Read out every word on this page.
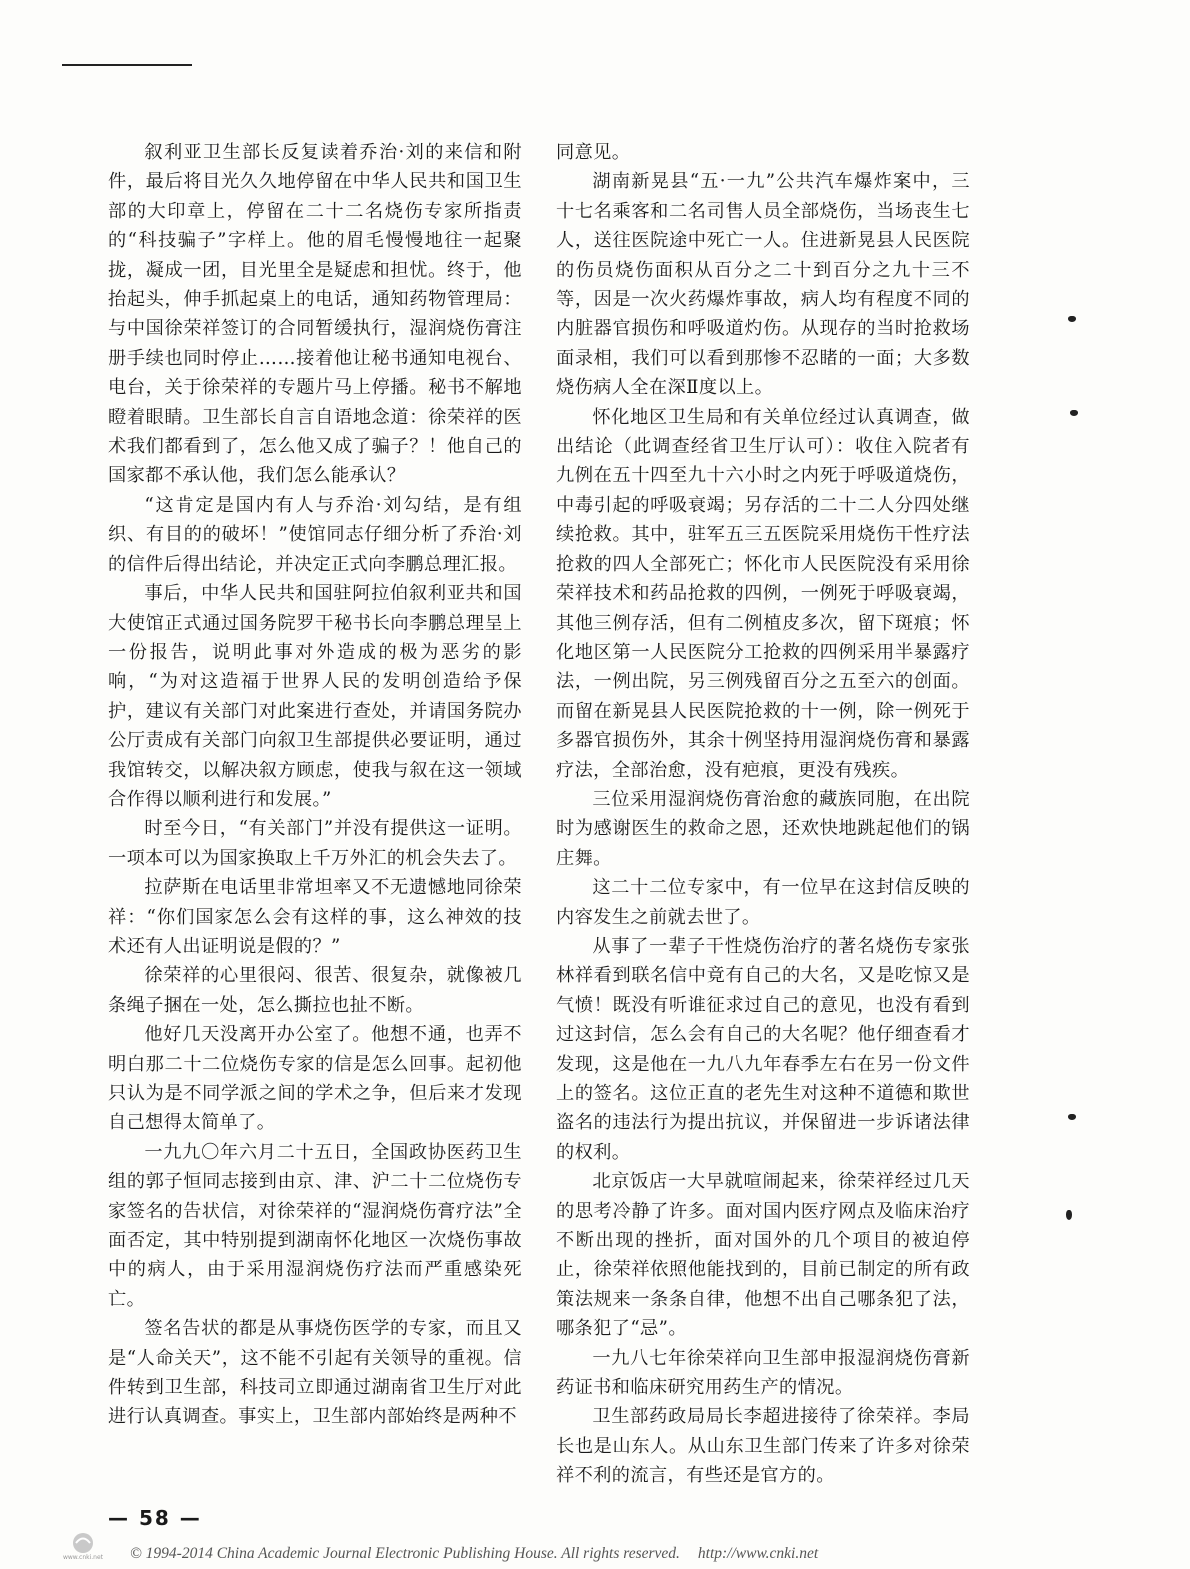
叙利亚卫生部长反复读着乔治·刘的来信和附件，最后将目光久久地停留在中华人民共和国卫生部的大印章上，停留在二十二名烧伤专家所指责的“科技骗子”字样上。他的眉毛慢慢地往一起聚拢，凝成一团，目光里全是疑虑和担忧。终于，他抬起头，伸手抓起桌上的电话，通知药物管理局：与中国徐荣祥签订的合同暂缓执行，湿润烧伤膏注册手续也同时停止……接着他让秘书通知电视台、电台，关于徐荣祥的专题片马上停播。秘书不解地瞪着眼睛。卫生部长自言自语地念道：徐荣祥的医术我们都看到了，怎么他又成了骗子？！他自己的国家都不承认他，我们怎么能承认？

“这肯定是国内有人与乔治·刘勾结，是有组织、有目的的破坏！”使馆同志仔细分析了乔治·刘的信件后得出结论，并决定正式向李鹏总理汇报。

事后，中华人民共和国驻阿拉伯叙利亚共和国大使馆正式通过国务院罗干秘书长向李鹏总理呈上一份报告，说明此事对外造成的极为恶劣的影响，“为对这造福于世界人民的发明创造给予保护，建议有关部门对此案进行查处，并请国务院办公厅责成有关部门向叙卫生部提供必要证明，通过我馆转交，以解决叙方顾虑，使我与叙在这一领域合作得以顺利进行和发展。”

时至今日，“有关部门”并没有提供这一证明。一项本可以为国家换取上千万外汇的机会失去了。

拉萨斯在电话里非常坦率又不无遗憾地同徐荣祥：“你们国家怎么会有这样的事，这么神效的技术还有人出证明说是假的？”

徐荣祥的心里很闷、很苦、很复杂，就像被几条绳子捆在一处，怎么撕拉也扯不断。

他好几天没离开办公室了。他想不通，也弄不明白那二十二位烧伤专家的信是怎么回事。起初他只认为是不同学派之间的学术之争，但后来才发现自己想得太简单了。

一九九〇年六月二十五日，全国政协医药卫生组的郭子恒同志接到由京、津、沪二十二位烧伤专家签名的告状信，对徐荣祥的“湿润烧伤膏疗法”全面否定，其中特别提到湖南怀化地区一次烧伤事故中的病人，由于采用湿润烧伤疗法而严重感染死亡。

签名告状的都是从事烧伤医学的专家，而且又是“人命关天”，这不能不引起有关领导的重视。信件转到卫生部，科技司立即通过湖南省卫生厅对此进行认真调查。事实上，卫生部内部始终是两种不

同意见。

湖南新晃县“五·一九”公共汽车爆炸案中，三十七名乘客和二名司售人员全部烧伤，当场丧生七人，送往医院途中死亡一人。住进新晃县人民医院的伤员烧伤面积从百分之二十到百分之九十三不等，因是一次火药爆炸事故，病人均有程度不同的内脏器官损伤和呼吸道灼伤。从现存的当时抢救场面录相，我们可以看到那惨不忍睹的一面；大多数烧伤病人全在深Ⅱ度以上。

怀化地区卫生局和有关单位经过认真调查，做出结论（此调查经省卫生厅认可）：收住入院者有九例在五十四至九十六小时之内死于呼吸道烧伤，中毒引起的呼吸衰竭；另存活的二十二人分四处继续抢救。其中，驻军五三五医院采用烧伤干性疗法抢救的四人全部死亡；怀化市人民医院没有采用徐荣祥技术和药品抢救的四例，一例死于呼吸衰竭，其他三例存活，但有二例植皮多次，留下斑痕；怀化地区第一人民医院分工抢救的四例采用半暴露疗法，一例出院，另三例残留百分之五至六的创面。而留在新晃县人民医院抢救的十一例，除一例死于多器官损伤外，其余十例坚持用湿润烧伤膏和暴露疗法，全部治愈，没有疤痕，更没有残疾。

三位采用湿润烧伤膏治愈的藏族同胞，在出院时为感谢医生的救命之恩，还欢快地跳起他们的锅庄舞。

这二十二位专家中，有一位早在这封信反映的内容发生之前就去世了。

从事了一辈子干性烧伤治疗的著名烧伤专家张林祥看到联名信中竟有自己的大名，又是吃惊又是气愤！既没有听谁征求过自己的意见，也没有看到过这封信，怎么会有自己的大名呢？他仔细查看才发现，这是他在一九八九年春季左右在另一份文件上的签名。这位正直的老先生对这种不道德和欺世盗名的违法行为提出抗议，并保留进一步诉诸法律的权利。

北京饭店一大早就喧闹起来，徐荣祥经过几天的思考冷静了许多。面对国内医疗网点及临床治疗不断出现的挫折，面对国外的几个项目的被迫停止，徐荣祥依照他能找到的，目前已制定的所有政策法规来一条条自律，他想不出自己哪条犯了法，哪条犯了“忌”。

一九八七年徐荣祥向卫生部申报湿润烧伤膏新药证书和临床研究用药生产的情况。

卫生部药政局局长李超进接待了徐荣祥。李局长也是山东人。从山东卫生部门传来了许多对徐荣祥不利的流言，有些还是官方的。

— 58 —
www.cnki.net © 1994-2014 China Academic Journal Electronic Publishing House. All rights reserved. http://www.cnki.net
